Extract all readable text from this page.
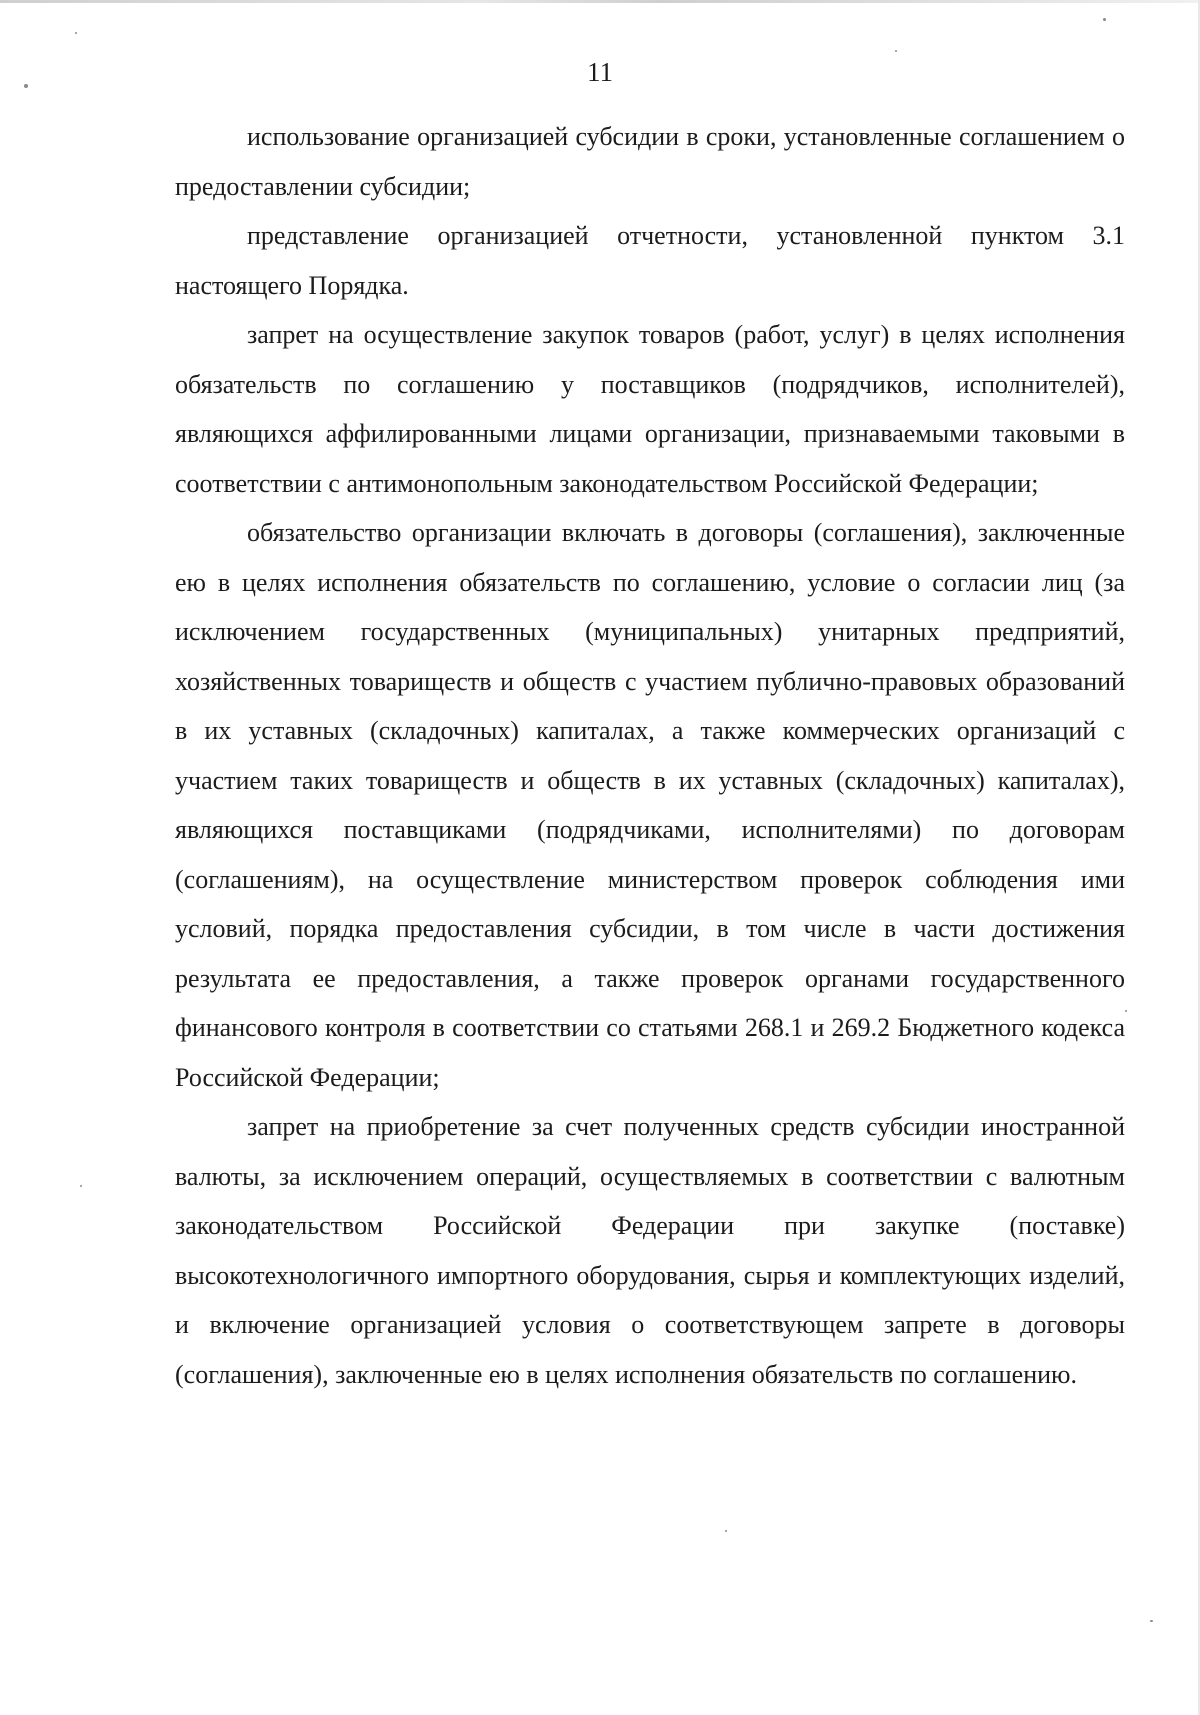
11

использование организацией субсидии в сроки, установленные соглашением о предоставлении субсидии;

представление организацией отчетности, установленной пунктом 3.1 настоящего Порядка.

запрет на осуществление закупок товаров (работ, услуг) в целях исполнения обязательств по соглашению у поставщиков (подрядчиков, исполнителей), являющихся аффилированными лицами организации, признаваемыми таковыми в соответствии с антимонопольным законодательством Российской Федерации;

обязательство организации включать в договоры (соглашения), заключенные ею в целях исполнения обязательств по соглашению, условие о согласии лиц (за исключением государственных (муниципальных) унитарных предприятий, хозяйственных товариществ и обществ с участием публично-правовых образований в их уставных (складочных) капиталах, а также коммерческих организаций с участием таких товариществ и обществ в их уставных (складочных) капиталах), являющихся поставщиками (подрядчиками, исполнителями) по договорам (соглашениям), на осуществление министерством проверок соблюдения ими условий, порядка предоставления субсидии, в том числе в части достижения результата ее предоставления, а также проверок органами государственного финансового контроля в соответствии со статьями 268.1 и 269.2 Бюджетного кодекса Российской Федерации;

запрет на приобретение за счет полученных средств субсидии иностранной валюты, за исключением операций, осуществляемых в соответствии с валютным законодательством Российской Федерации при закупке (поставке) высокотехнологичного импортного оборудования, сырья и комплектующих изделий, и включение организацией условия о соответствующем запрете в договоры (соглашения), заключенные ею в целях исполнения обязательств по соглашению.
